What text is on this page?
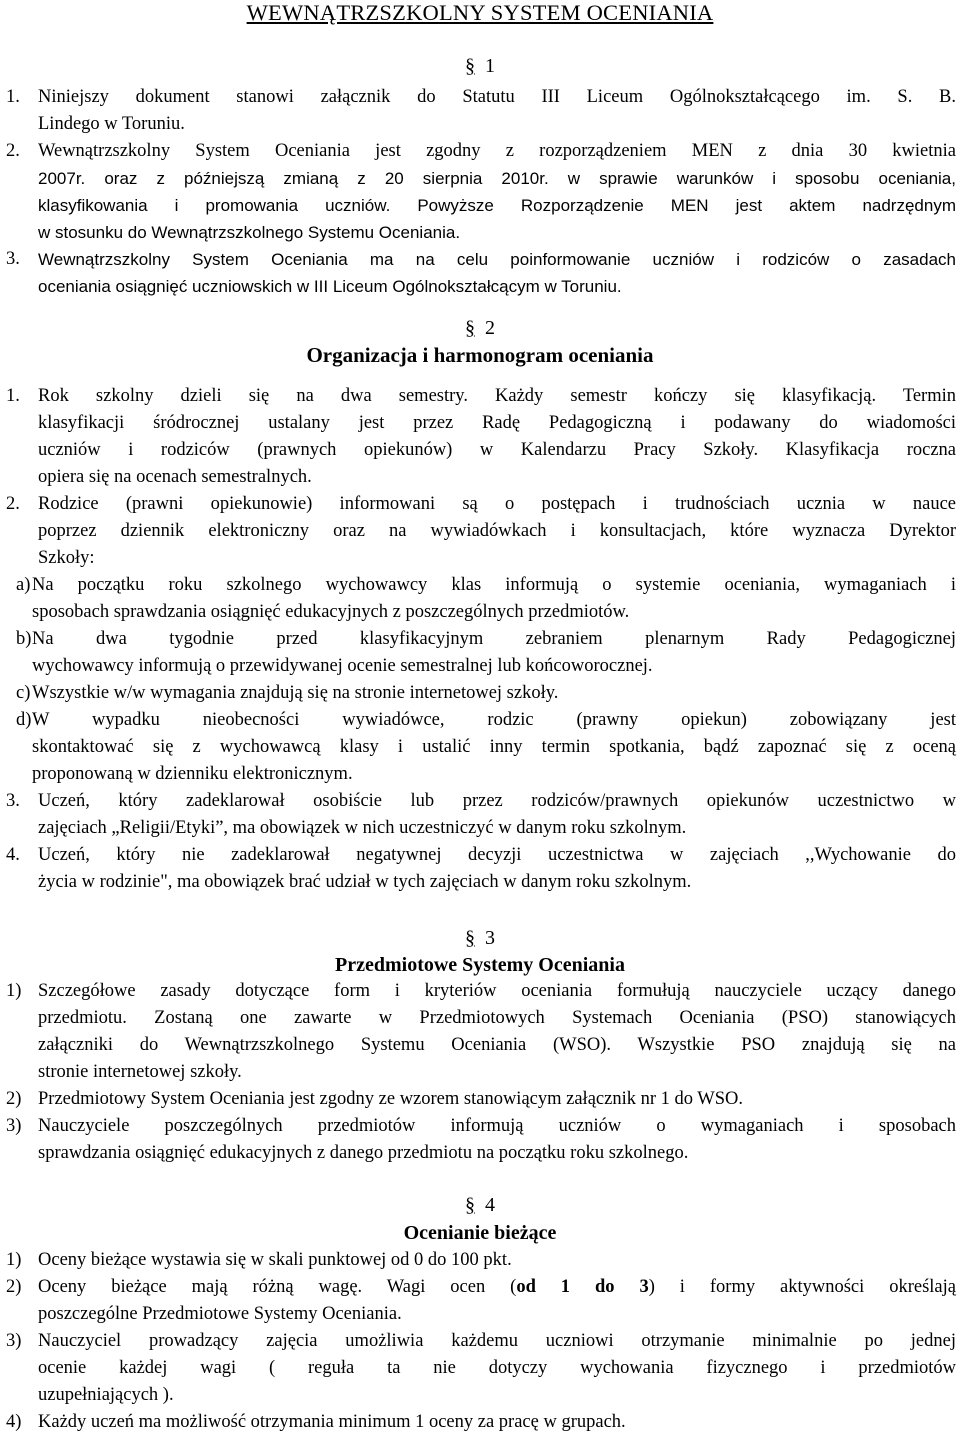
WEWNĄTRZSZKOLNY SYSTEM OCENIANIA
§ 1
1. Niniejszy dokument stanowi załącznik do Statutu III Liceum Ogólnokształcącego im. S. B.
Lindego w Toruniu.
2. Wewnątrzszkolny System Oceniania jest zgodny z rozporządzeniem MEN z dnia 30 kwietnia
2007r. oraz z późniejszą zmianą z 20 sierpnia 2010r. w sprawie warunków i sposobu oceniania,
klasyfikowania i promowania uczniów. Powyższe Rozporządzenie MEN jest aktem nadrzędnym
w stosunku do Wewnątrzszkolnego Systemu Oceniania.
3. Wewnątrzszkolny System Oceniania ma na celu poinformowanie uczniów i rodziców o zasadach
oceniania osiągnięć uczniowskich w III Liceum Ogólnokształcącym w Toruniu.
§ 2
Organizacja i harmonogram oceniania
1. Rok szkolny dzieli się na dwa semestry. Każdy semestr kończy się klasyfikacją. Termin
klasyfikacji śródrocznej ustalany jest przez Radę Pedagogiczną i podawany do wiadomości
uczniów i rodziców (prawnych opiekunów) w Kalendarzu Pracy Szkoły. Klasyfikacja roczna
opiera się na ocenach semestralnych.
2. Rodzice (prawni opiekunowie) informowani są o postępach i trudnościach ucznia w nauce
poprzez dziennik elektroniczny oraz na wywiadówkach i konsultacjach, które wyznacza Dyrektor
Szkoły:
a) Na początku roku szkolnego wychowawcy klas informują o systemie oceniania, wymaganiach i
sposobach sprawdzania osiągnięć edukacyjnych z poszczególnych przedmiotów.
b) Na dwa tygodnie przed klasyfikacyjnym zebraniem plenarnym Rady Pedagogicznej
wychowawcy informują o przewidywanej ocenie semestralnej lub końcoworocznej.
c) Wszystkie w/w wymagania znajdują się na stronie internetowej szkoły.
d) W wypadku nieobecności wywiadówce, rodzic (prawny opiekun) zobowiązany jest
skontaktować się z wychowawcą klasy i ustalić inny termin spotkania, bądź zapoznać się z oceną
proponowaną w dzienniku elektronicznym.
3. Uczeń, który zadeklarował osobiście lub przez rodziców/prawnych opiekunów uczestnictwo w
zajęciach „Religii/Etyki”, ma obowiązek w nich uczestniczyć w danym roku szkolnym.
4. Uczeń, który nie zadeklarował negatywnej decyzji uczestnictwa w zajęciach ,,Wychowanie do
życia w rodzinie", ma obowiązek brać udział w tych zajęciach w danym roku szkolnym.
§ 3
Przedmiotowe Systemy Oceniania
1) Szczegółowe zasady dotyczące form i kryteriów oceniania formułują nauczyciele uczący danego
przedmiotu. Zostaną one zawarte w Przedmiotowych Systemach Oceniania (PSO) stanowiących
załączniki do Wewnątrzszkolnego Systemu Oceniania (WSO). Wszystkie PSO znajdują się na
stronie internetowej szkoły.
2) Przedmiotowy System Oceniania jest zgodny ze wzorem stanowiącym załącznik nr 1 do WSO.
3) Nauczyciele poszczególnych przedmiotów informują uczniów o wymaganiach i sposobach
sprawdzania osiągnięć edukacyjnych z danego przedmiotu na początku roku szkolnego.
§ 4
Ocenianie bieżące
1) Oceny bieżące wystawia się w skali punktowej od 0 do 100 pkt.
2) Oceny bieżące mają różną wagę. Wagi ocen (od 1 do 3) i formy aktywności określają
poszczególne Przedmiotowe Systemy Oceniania.
3) Nauczyciel prowadzący zajęcia umożliwia każdemu uczniowi otrzymanie minimalnie po jednej
ocenie każdej wagi ( reguła ta nie dotyczy wychowania fizycznego i przedmiotów
uzupełniających ).
4) Każdy uczeń ma możliwość otrzymania minimum 1 oceny za pracę w grupach.
